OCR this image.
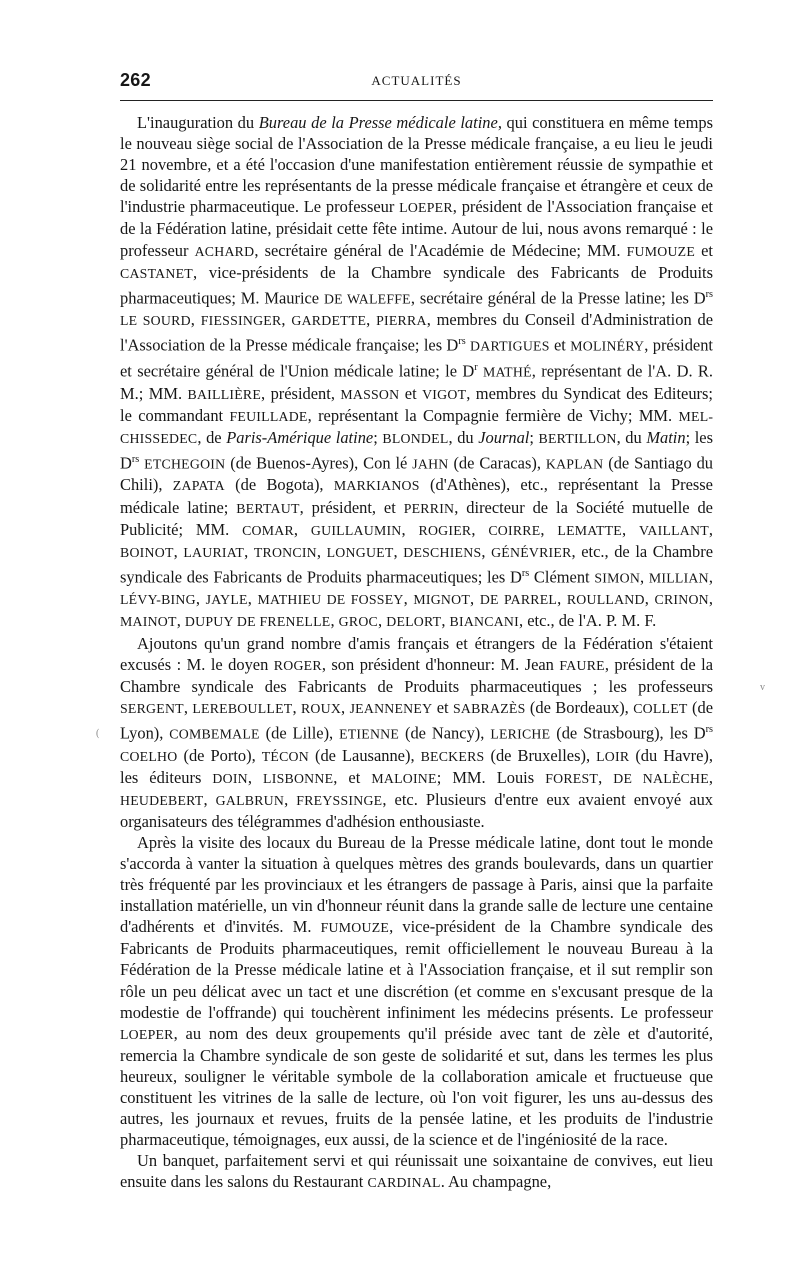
262	ACTUALITÉS

L'inauguration du Bureau de la Presse médicale latine, qui constituera en même temps le nouveau siège social de l'Association de la Presse médicale française, a eu lieu le jeudi 21 novembre, et a été l'occasion d'une manifestation entièrement réussie de sympathie et de solidarité entre les représentants de la presse médicale française et étrangère et ceux de l'industrie pharmaceutique. Le professeur LOEPER, président de l'Association française et de la Fédération latine, présidait cette fête intime. Autour de lui, nous avons remarqué : le professeur ACHARD, secrétaire général de l'Académie de Médecine; MM. FUMOUZE et CASTANET, vice-présidents de la Chambre syndicale des Fabricants de Produits pharmaceutiques; M. Maurice DE WALEFFE, secrétaire général de la Presse latine; les $D^{rs}$ LE SOURD, FIESSINGER, GARDETTE, PIERRA, membres du Conseil d'Administration de l'Association de la Presse médicale française; les $D^{rs}$ DARTIGUES et MOLINÉRY, président et secrétaire général de l'Union médicale latine; le $D^r$ MATHÉ, représentant de l'A. D. R. M.; MM. BAILLIÈRE, président, MASSON et VIGOT, membres du Syndicat des Editeurs; le commandant FEUILLADE, représentant la Compagnie fermière de Vichy; MM. MELCHISSEDEC, de Paris-Amérique latine; BLONDEL, du Journal; BERTILLON, du Matin; les $D^{rs}$ ETCHEGOIN (de Buenos-Ayres), Con lé JAHN (de Caracas), KAPLAN (de Santiago du Chili), ZAPATA (de Bogota), MARKIANOS (d'Athènes), etc., représentant la Presse médicale latine; BERTAUT, président, et PERRIN, directeur de la Société mutuelle de Publicité; MM. COMAR, GUILLAUMIN, ROGIER, COIRRE, LEMATTE, VAILLANT, BOINOT, LAURIAT, TRONCIN, LONGUET, DESCHIENS, GÉNÉVRIER, etc., de la Chambre syndicale des Fabricants de Produits pharmaceutiques; les $D^{rs}$ Clément SIMON, MILLIAN, LÉVY-BING, JAYLE, MATHIEU DE FOSSEY, MIGNOT, DE PARREL, ROULLAND, CRINON, MAINOT, DUPUY DE FRENELLE, GROC, DELORT, BIANCANI, etc., de l'A. P. M. F.

Ajoutons qu'un grand nombre d'amis français et étrangers de la Fédération s'étaient excusés : M. le doyen ROGER, son président d'honneur: M. Jean FAURE, président de la Chambre syndicale des Fabricants de Produits pharmaceutiques ; les professeurs SERGENT, LEREBOULLET, ROUX, JEANNENEY et SABRAZÈS (de Bordeaux), COLLET (de Lyon), COMBEMALE (de Lille), ETIENNE (de Nancy), LERICHE (de Strasbourg), les $D^{rs}$ COELHO (de Porto), TÉCON (de Lausanne), BECKERS (de Bruxelles), LOIR (du Havre), les éditeurs DOIN, LISBONNE, et MALOINE; MM. Louis FOREST, DE NALÈCHE, HEUDEBERT, GALBRUN, FREYSSINGE, etc. Plusieurs d'entre eux avaient envoyé aux organisateurs des télégrammes d'adhésion enthousiaste.

Après la visite des locaux du Bureau de la Presse médicale latine, dont tout le monde s'accorda à vanter la situation à quelques mètres des grands boulevards, dans un quartier très fréquenté par les provinciaux et les étrangers de passage à Paris, ainsi que la parfaite installation matérielle, un vin d'honneur réunit dans la grande salle de lecture une centaine d'adhérents et d'invités. M. FUMOUZE, vice-président de la Chambre syndicale des Fabricants de Produits pharmaceutiques, remit officiellement le nouveau Bureau à la Fédération de la Presse médicale latine et à l'Association française, et il sut remplir son rôle un peu délicat avec un tact et une discrétion (et comme en s'excusant presque de la modestie de l'offrande) qui touchèrent infiniment les médecins présents. Le professeur LOEPER, au nom des deux groupements qu'il préside avec tant de zèle et d'autorité, remercia la Chambre syndicale de son geste de solidarité et sut, dans les termes les plus heureux, souligner le véritable symbole de la collaboration amicale et fructueuse que constituent les vitrines de la salle de lecture, où l'on voit figurer, les uns au-dessus des autres, les journaux et revues, fruits de la pensée latine, et les produits de l'industrie pharmaceutique, témoignages, eux aussi, de la science et de l'ingéniosité de la race.

Un banquet, parfaitement servi et qui réunissait une soixantaine de convives, eut lieu ensuite dans les salons du Restaurant CARDINAL. Au champagne,

v
(
